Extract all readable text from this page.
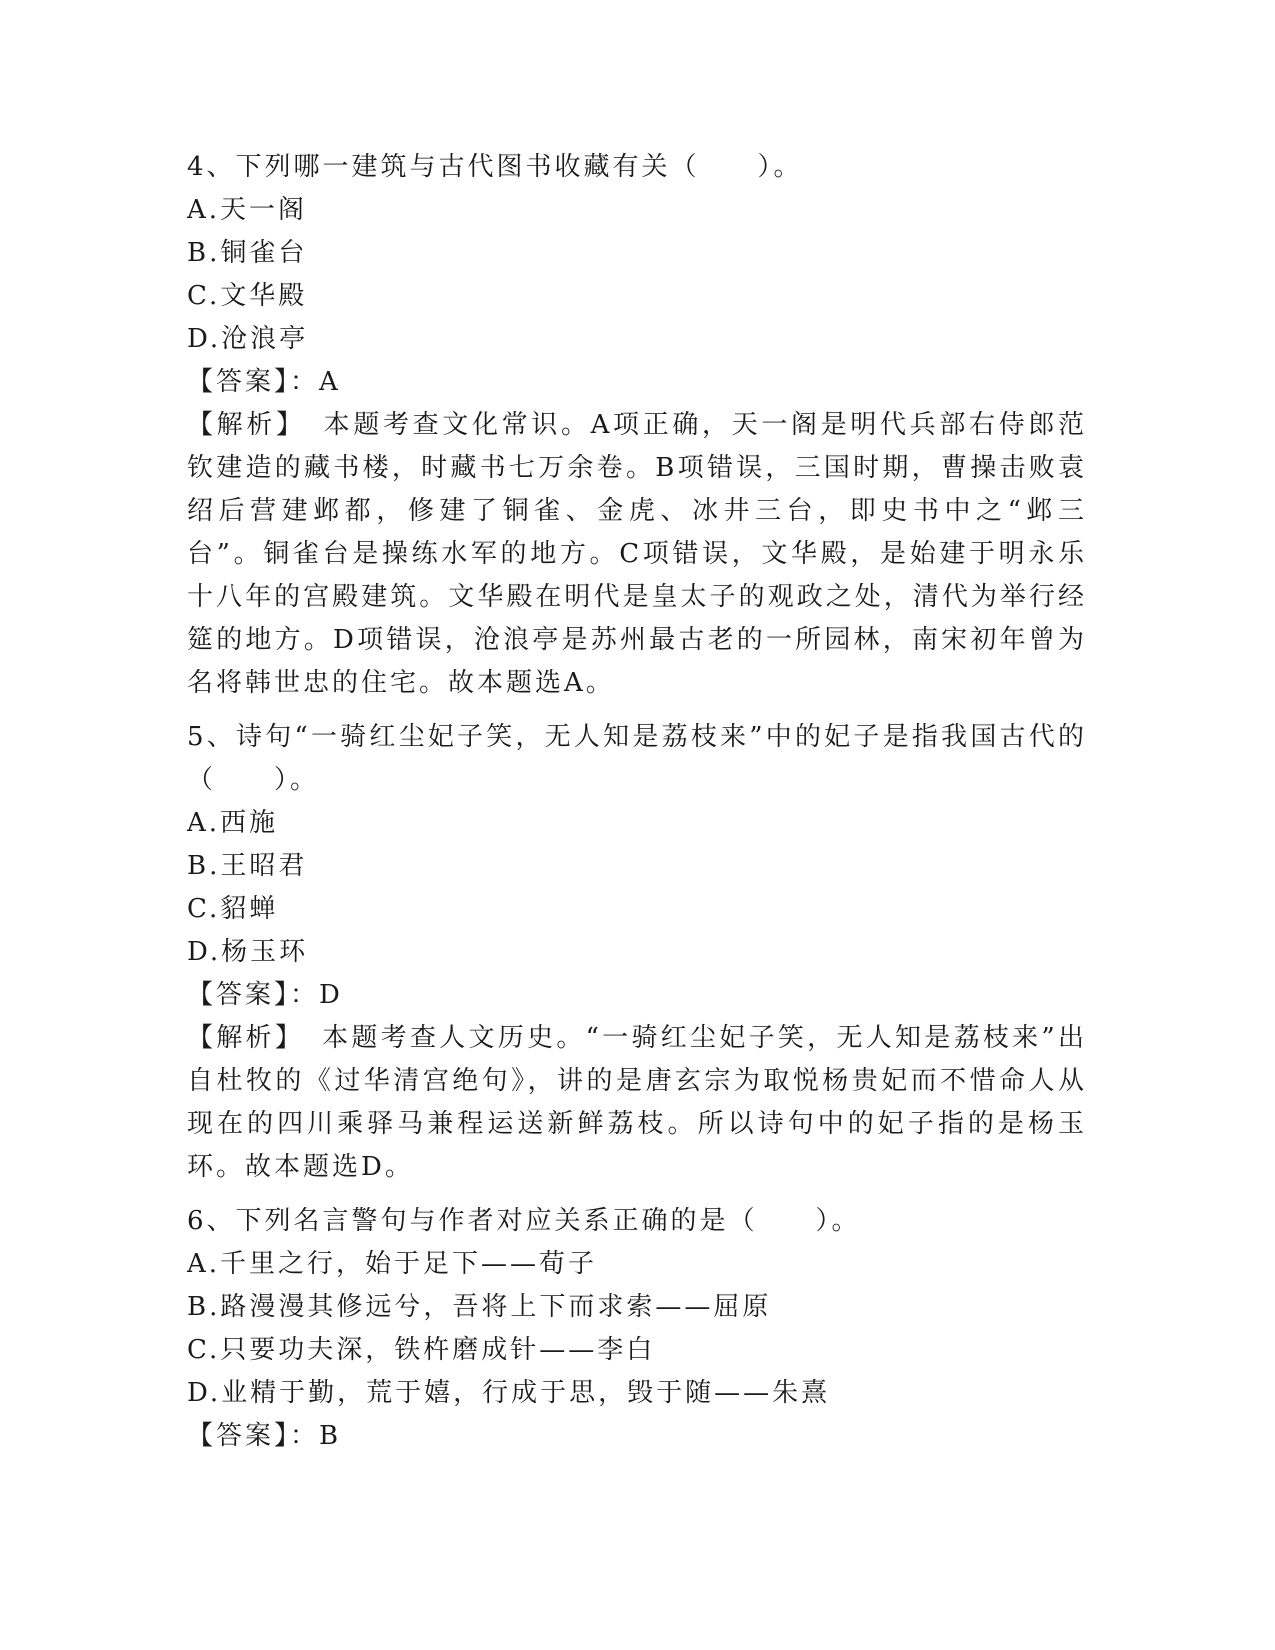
4、下列哪一建筑与古代图书收藏有关（　　）。
A.天一阁
B.铜雀台
C.文华殿
D.沧浪亭
【答案】：A
【解析】 本题考查文化常识。A项正确，天一阁是明代兵部右侍郎范钦建造的藏书楼，时藏书七万余卷。B项错误，三国时期，曹操击败袁绍后营建邺都，修建了铜雀、金虎、冰井三台，即史书中之“邺三台”。铜雀台是操练水军的地方。C项错误，文华殿，是始建于明永乐十八年的宫殿建筑。文华殿在明代是皇太子的观政之处，清代为举行经筵的地方。D项错误，沧浪亭是苏州最古老的一所园林，南宋初年曾为名将韩世忠的住宅。故本题选A。
5、诗句“一骑红尘妃子笑，无人知是荔枝来”中的妃子是指我国古代的（　　）。
A.西施
B.王昭君
C.貂蝉
D.杨玉环
【答案】：D
【解析】 本题考查人文历史。“一骑红尘妃子笑，无人知是荔枝来”出自杜牧的《过华清宫绝句》，讲的是唐玄宗为取悦杨贵妃而不惜命人从现在的四川乘驿马兼程运送新鲜荔枝。所以诗句中的妃子指的是杨玉环。故本题选D。
6、下列名言警句与作者对应关系正确的是（　　）。
A.千里之行，始于足下——荀子
B.路漫漫其修远兮，吾将上下而求索——屈原
C.只要功夫深，铁杵磨成针——李白
D.业精于勤，荒于嬉，行成于思，毁于随——朱熹
【答案】：B
